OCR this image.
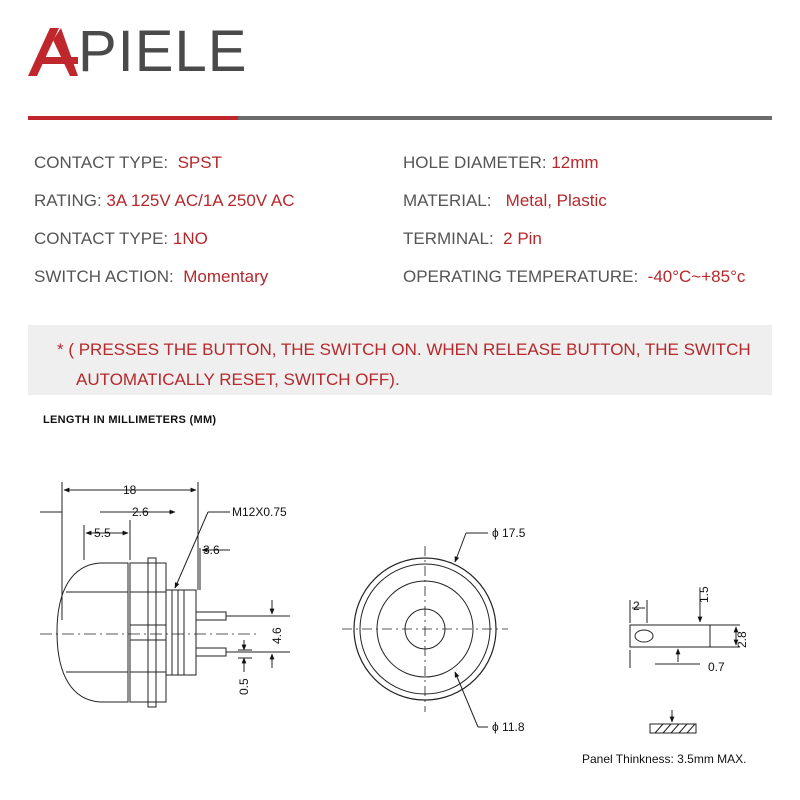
PIELE
CONTACT TYPE: SPST
RATING: 3A 125V AC/1A 250V AC
CONTACT TYPE: 1NO
SWITCH ACTION: Momentary
HOLE DIAMETER: 12mm
MATERIAL: Metal, Plastic
TERMINAL: 2 Pin
OPERATING TEMPERATURE: -40°C~+85°c
* ( PRESSES THE BUTTON, THE SWITCH ON. WHEN RELEASE BUTTON, THE SWITCH
AUTOMATICALLY RESET, SWITCH OFF).
LENGTH IN MILLIMETERS (MM)
18
2.6	M12X0.75
5.5
3.6
4.6
0.5
ϕ 17.5
ϕ 11.8
2
1.5
2.8
0.7
Panel Thinkness: 3.5mm MAX.
